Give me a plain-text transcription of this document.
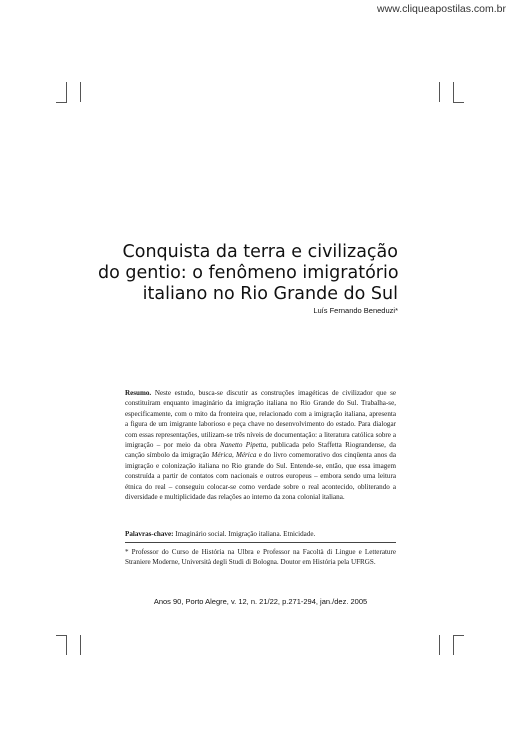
www.cliqueapostilas.com.br
Conquista da terra e civilização
do gentio: o fenômeno imigratório
italiano no Rio Grande do Sul
Luís Fernando Beneduzi*
Resumo. Neste estudo, busca-se discutir as construções imagéticas de civilizador que se constituíram enquanto imaginário da imigração italiana no Rio Grande do Sul. Trabalha-se, especificamente, com o mito da fronteira que, relacionado com a imigração italiana, apresenta a figura de um imigrante laborioso e peça chave no desenvolvimento do estado. Para dialogar com essas representações, utilizam-se três níveis de documentação: a literatura católica sobre a imigração – por meio da obra Nanetto Pipetta, publicada pelo Staffetta Riograndense, da canção símbolo da imigração Mérica, Mérica e do livro comemorativo dos cinqüenta anos da imigração e colonização italiana no Rio grande do Sul. Entende-se, então, que essa imagem construída a partir de contatos com nacionais e outros europeus – embora sendo uma leitura étnica do real – conseguiu colocar-se como verdade sobre o real acontecido, obliterando a diversidade e multiplicidade das relações ao interno da zona colonial italiana.
Palavras-chave: Imaginário social. Imigração italiana. Etnicidade.
* Professor do Curso de História na Ulbra e Professor na Facoltà di Lingue e Letterature Straniere Moderne, Università degli Studi di Bologna. Doutor em História pela UFRGS.
Anos 90, Porto Alegre, v. 12, n. 21/22, p.271-294, jan./dez. 2005
